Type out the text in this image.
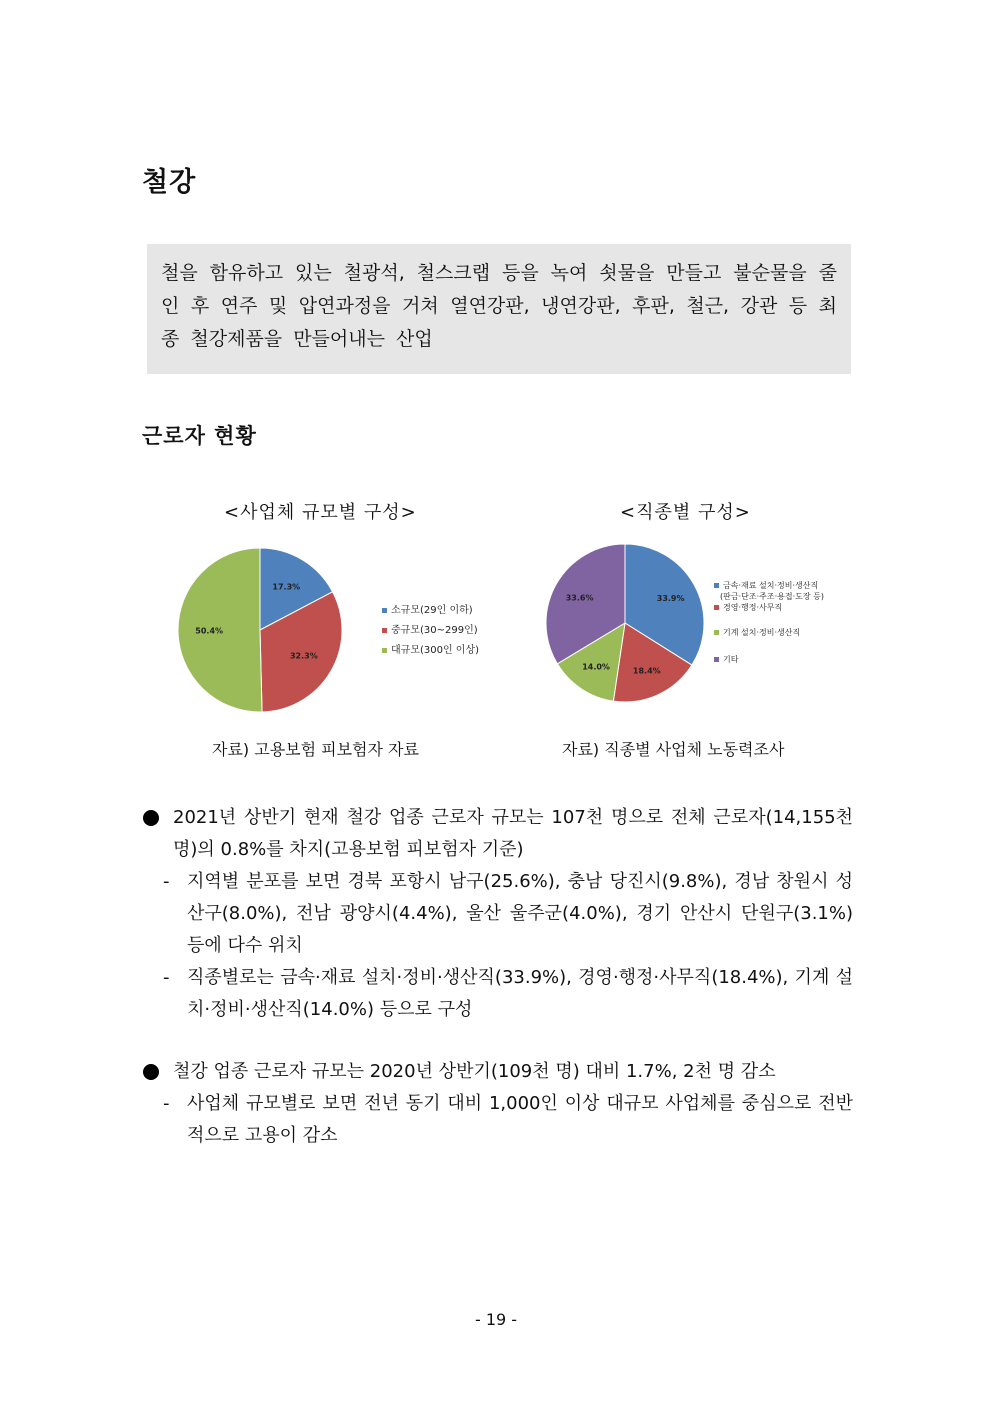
철강

철을 함유하고 있는 철광석, 철스크랩 등을 녹여 쇳물을 만들고 불순물을 줄인 후 연주 및 압연과정을 거쳐 열연강판, 냉연강판, 후판, 철근, 강관 등 최종 철강제품을 만들어내는 산업

근로자 현황
<사업체 규모별 구성>
17.3%
32.3%
50.4%
소규모(29인 이하)
중규모(30~299인)
대규모(300인 이상)
자료) 고용보험 피보험자 자료
<직종별 구성>
33.9%
18.4%
14.0%
33.6%
금속·재료 설치·정비·생산직
(판금·단조·주조·용접·도장 등)
경영·행정·사무직
기계 설치·정비·생산직
기타
자료) 직종별 사업체 노동력조사
2021년 상반기 현재 철강 업종 근로자 규모는 107천 명으로 전체 근로자(14,155천 명)의 0.8%를 차지(고용보험 피보험자 기준)
- 지역별 분포를 보면 경북 포항시 남구(25.6%), 충남 당진시(9.8%), 경남 창원시 성산구(8.0%), 전남 광양시(4.4%), 울산 울주군(4.0%), 경기 안산시 단원구(3.1%) 등에 다수 위치
- 직종별로는 금속·재료 설치·정비·생산직(33.9%), 경영·행정·사무직(18.4%), 기계 설치·정비·생산직(14.0%) 등으로 구성
철강 업종 근로자 규모는 2020년 상반기(109천 명) 대비 1.7%, 2천 명 감소
- 사업체 규모별로 보면 전년 동기 대비 1,000인 이상 대규모 사업체를 중심으로 전반적으로 고용이 감소
- 19 -
